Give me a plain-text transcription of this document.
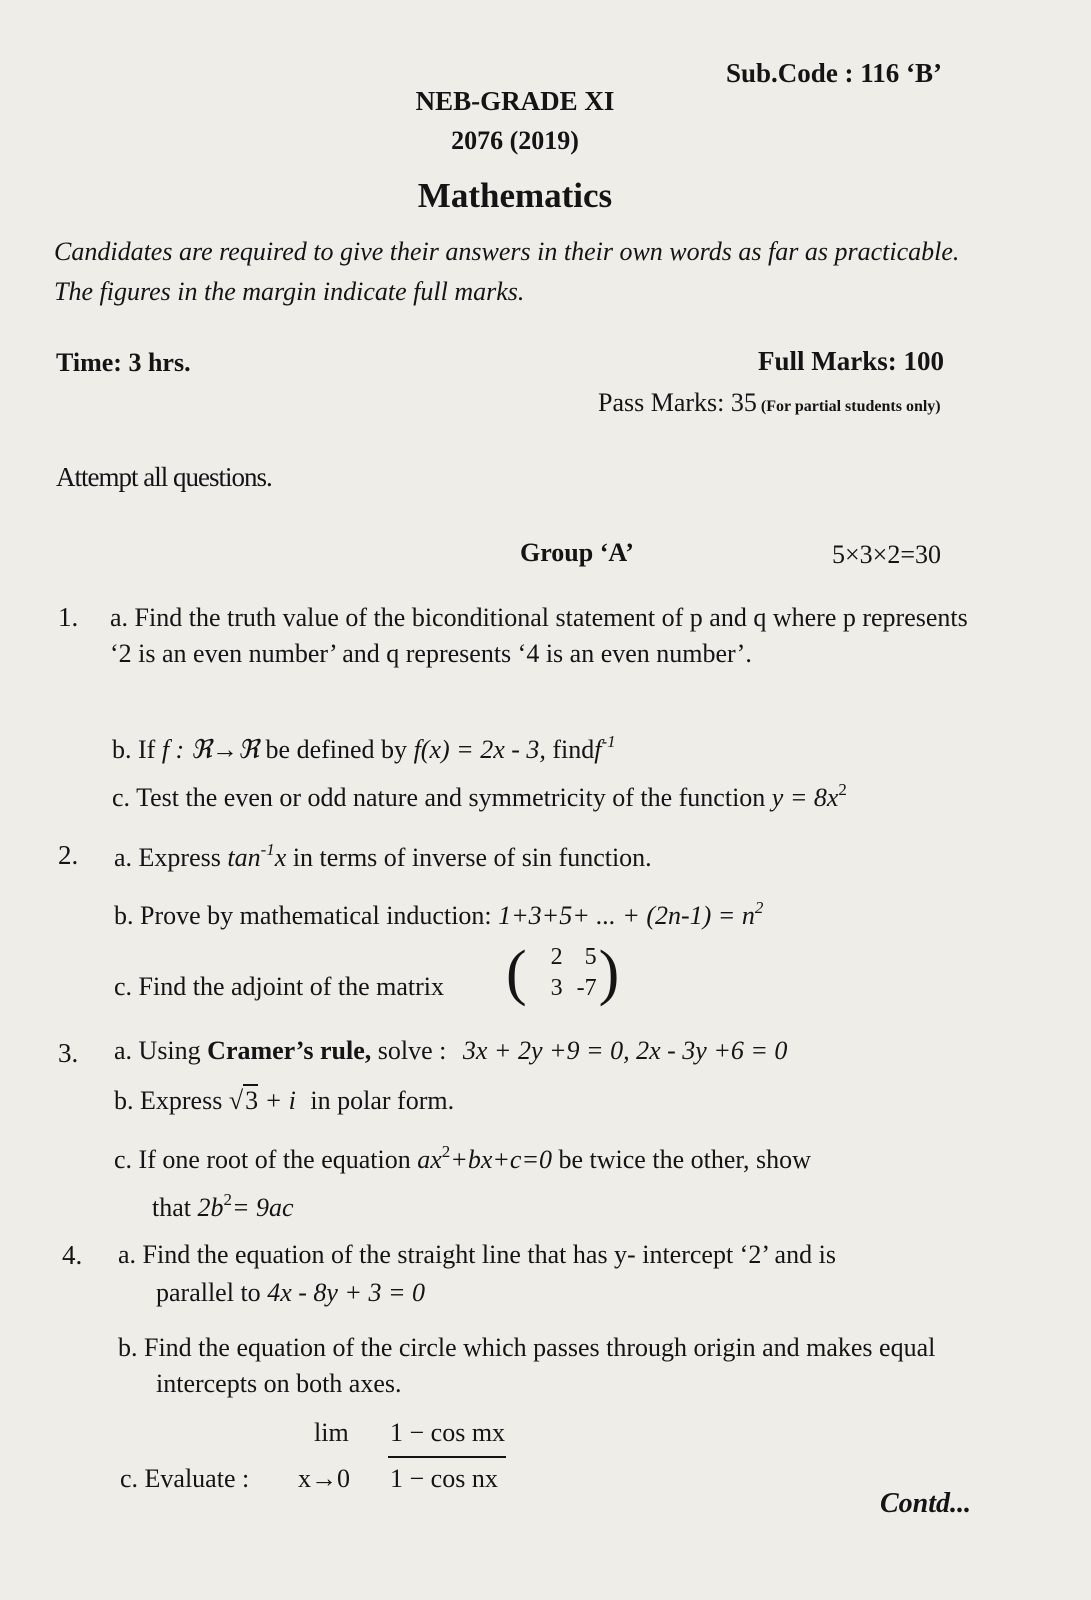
Sub.Code : 116 ‘B’
NEB-GRADE XI
2076 (2019)
Mathematics
Candidates are required to give their answers in their own words as far as practicable. The figures in the margin indicate full marks.
Time: 3 hrs.	Full Marks: 100
Pass Marks: 35 (For partial students only)
Attempt all questions.
Group ‘A’	5×3×2=30
1. a. Find the truth value of the biconditional statement of p and q where p represents ‘2 is an even number’ and q represents ‘4 is an even number’.
b. If f : ℜ→ℜ be defined by f(x) = 2x - 3, findf$^{-1}$
c. Test the even or odd nature and symmetricity of the function $y = 8x^2$
2. a. Express $\tan^{-1}x$ in terms of inverse of sin function.
b. Prove by mathematical induction: 1+3+5+ ... + $(2n-1) = n^2$
c. Find the adjoint of the matrix (	2 5
3 -7 )
3. a. Using Cramer’s rule, solve : 3x + 2y +9 = 0, 2x - 3y +6 = 0
b. Express √3 + i in polar form.
c. If one root of the equation $ax^2+bx+c=0$ be twice the other, show
that $2b^2= 9ac$
4. a. Find the equation of the straight line that has y- intercept ‘2’ and is
parallel to 4x - 8y + 3 = 0
b. Find the equation of the circle which passes through origin and makes equal intercepts on both axes.
lim 1 − cos mx
c. Evaluate : x→0 1 − cos nx
Contd...
